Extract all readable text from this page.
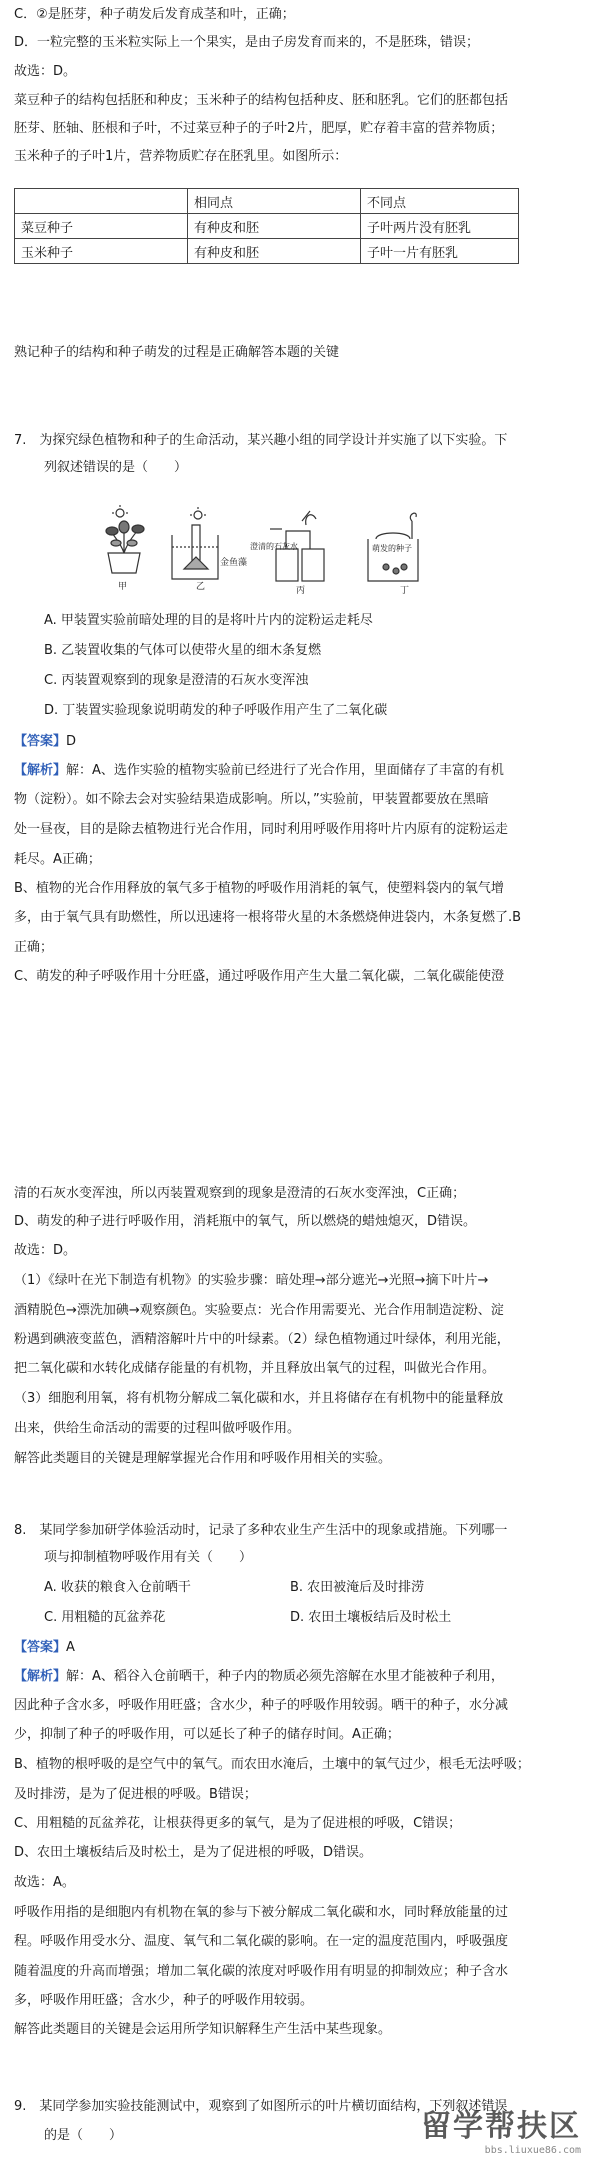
C．②是胚芽，种子萌发后发育成茎和叶，正确；
D．一粒完整的玉米粒实际上一个果实，是由子房发育而来的，不是胚珠，错误；
故选：D。
菜豆种子的结构包括胚和种皮；玉米种子的结构包括种皮、胚和胚乳。它们的胚都包括
胚芽、胚轴、胚根和子叶，不过菜豆种子的子叶2片，肥厚，贮存着丰富的营养物质；
玉米种子的子叶1片，营养物质贮存在胚乳里。如图所示：
	相同点	不同点
菜豆种子	有种皮和胚	子叶两片没有胚乳
玉米种子	有种皮和胚	子叶一片有胚乳
熟记种子的结构和种子萌发的过程是正确解答本题的关键
7.　为探究绿色植物和种子的生命活动，某兴趣小组的同学设计并实施了以下实验。下
列叙述错误的是（　　）
甲	乙
金鱼藻
澄清的石灰水
丙
萌发的种子
丁
A. 甲装置实验前暗处理的目的是将叶片内的淀粉运走耗尽
B. 乙装置收集的气体可以使带火星的细木条复燃
C. 丙装置观察到的现象是澄清的石灰水变浑浊
D. 丁装置实验现象说明萌发的种子呼吸作用产生了二氧化碳
【答案】D
【解析】解：A、选作实验的植物实验前已经进行了光合作用，里面储存了丰富的有机
物（淀粉）。如不除去会对实验结果造成影响。所以，”实验前，甲装置都要放在黑暗
处一昼夜，目的是除去植物进行光合作用，同时利用呼吸作用将叶片内原有的淀粉运走
耗尽。A正确；
B、植物的光合作用释放的氧气多于植物的呼吸作用消耗的氧气，使塑料袋内的氧气增
多，由于氧气具有助燃性，所以迅速将一根将带火星的木条燃烧伸进袋内，木条复燃了.B
正确；
C、萌发的种子呼吸作用十分旺盛，通过呼吸作用产生大量二氧化碳，二氧化碳能使澄
清的石灰水变浑浊，所以丙装置观察到的现象是澄清的石灰水变浑浊，C正确；
D、萌发的种子进行呼吸作用，消耗瓶中的氧气，所以燃烧的蜡烛熄灭，D错误。
故选：D。
（1）《绿叶在光下制造有机物》的实验步骤：暗处理→部分遮光→光照→摘下叶片→
酒精脱色→漂洗加碘→观察颜色。实验要点：光合作用需要光、光合作用制造淀粉、淀
粉遇到碘液变蓝色，酒精溶解叶片中的叶绿素。（2）绿色植物通过叶绿体，利用光能，
把二氧化碳和水转化成储存能量的有机物，并且释放出氧气的过程，叫做光合作用。
（3）细胞利用氧，将有机物分解成二氧化碳和水，并且将储存在有机物中的能量释放
出来，供给生命活动的需要的过程叫做呼吸作用。
解答此类题目的关键是理解掌握光合作用和呼吸作用相关的实验。
8.　某同学参加研学体验活动时，记录了多种农业生产生活中的现象或措施。下列哪一
项与抑制植物呼吸作用有关（　　）
A. 收获的粮食入仓前晒干	B. 农田被淹后及时排涝
C. 用粗糙的瓦盆养花	D. 农田土壤板结后及时松土
【答案】A
【解析】解：A、稻谷入仓前晒干，种子内的物质必须先溶解在水里才能被种子利用，
因此种子含水多，呼吸作用旺盛；含水少，种子的呼吸作用较弱。晒干的种子，水分减
少，抑制了种子的呼吸作用，可以延长了种子的储存时间。A正确；
B、植物的根呼吸的是空气中的氧气。而农田水淹后，土壤中的氧气过少，根毛无法呼吸；
及时排涝，是为了促进根的呼吸。B错误；
C、用粗糙的瓦盆养花，让根获得更多的氧气，是为了促进根的呼吸，C错误；
D、农田土壤板结后及时松土，是为了促进根的呼吸，D错误。
故选：A。
呼吸作用指的是细胞内有机物在氧的参与下被分解成二氧化碳和水，同时释放能量的过
程。呼吸作用受水分、温度、氧气和二氧化碳的影响。在一定的温度范围内，呼吸强度
随着温度的升高而增强；增加二氧化碳的浓度对呼吸作用有明显的抑制效应；种子含水
多，呼吸作用旺盛；含水少，种子的呼吸作用较弱。
解答此类题目的关键是会运用所学知识解释生产生活中某些现象。
9.　某同学参加实验技能测试中，观察到了如图所示的叶片横切面结构，下列叙述错误
的是（　　）	留学帮扶区
bbs.liuxue86.com
